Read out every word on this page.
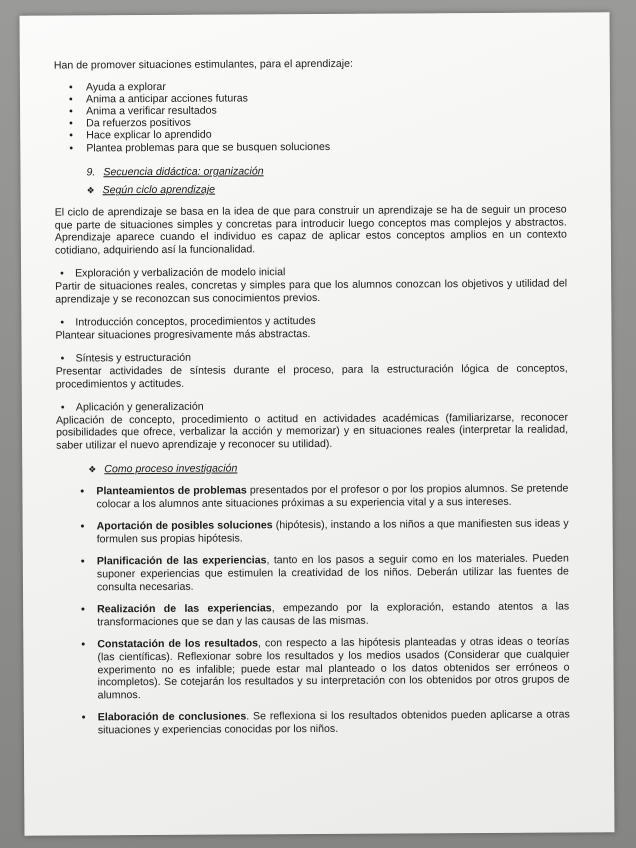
Han de promover situaciones estimulantes, para el aprendizaje:

• Ayuda a explorar
• Anima a anticipar acciones futuras
• Anima a verificar resultados
• Da refuerzos positivos
• Hace explicar lo aprendido
• Plantea problemas para que se busquen soluciones
9. Secuencia didáctica: organización
❖ Según ciclo aprendizaje

El ciclo de aprendizaje se basa en la idea de que para construir un aprendizaje se ha de seguir un proceso que parte de situaciones simples y concretas para introducir luego conceptos mas complejos y abstractos. Aprendizaje aparece cuando el individuo es capaz de aplicar estos conceptos amplios en un contexto cotidiano, adquiriendo así la funcionalidad.

• Exploración y verbalización de modelo inicial

Partir de situaciones reales, concretas y simples para que los alumnos conozcan los objetivos y utilidad del aprendizaje y se reconozcan sus conocimientos previos.

• Introducción conceptos, procedimientos y actitudes

Plantear situaciones progresivamente más abstractas.

• Síntesis y estructuración

Presentar actividades de síntesis durante el proceso, para la estructuración lógica de conceptos, procedimientos y actitudes.

• Aplicación y generalización

Aplicación de concepto, procedimiento o actitud en actividades académicas (familiarizarse, reconocer posibilidades que ofrece, verbalizar la acción y memorizar) y en situaciones reales (interpretar la realidad, saber utilizar el nuevo aprendizaje y reconocer su utilidad).

❖ Como proceso investigación
• Planteamientos de problemas presentados por el profesor o por los propios alumnos. Se pretende colocar a los alumnos ante situaciones próximas a su experiencia vital y a sus intereses.
• Aportación de posibles soluciones (hipótesis), instando a los niños a que manifiesten sus ideas y formulen sus propias hipótesis.
• Planificación de las experiencias, tanto en los pasos a seguir como en los materiales. Pueden suponer experiencias que estimulen la creatividad de los niños. Deberán utilizar las fuentes de consulta necesarias.
• Realización de las experiencias, empezando por la exploración, estando atentos a las transformaciones que se dan y las causas de las mismas.
• Constatación de los resultados, con respecto a las hipótesis planteadas y otras ideas o teorías (las científicas). Reflexionar sobre los resultados y los medios usados (Considerar que cualquier experimento no es infalible; puede estar mal planteado o los datos obtenidos ser erróneos o incompletos). Se cotejarán los resultados y su interpretación con los obtenidos por otros grupos de alumnos.
• Elaboración de conclusiones. Se reflexiona si los resultados obtenidos pueden aplicarse a otras situaciones y experiencias conocidas por los niños.
